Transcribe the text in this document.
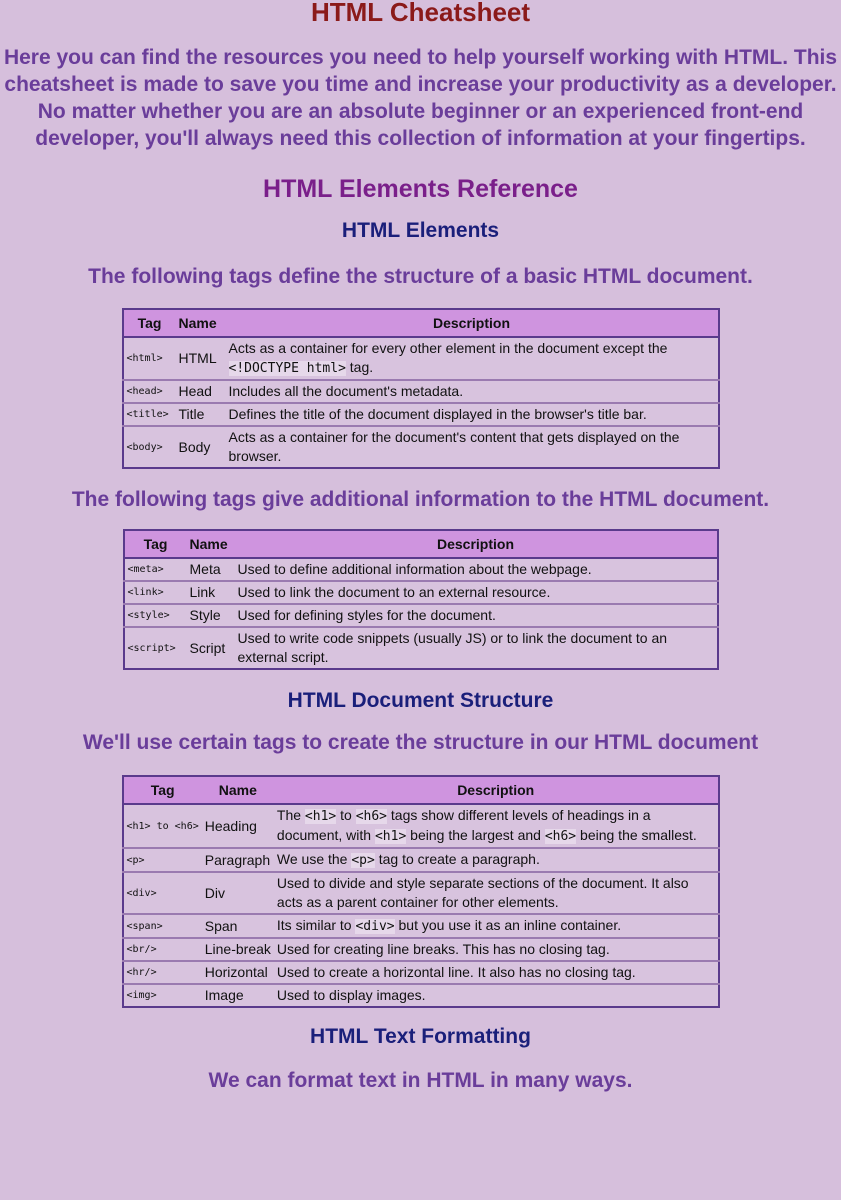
HTML Cheatsheet

Here you can find the resources you need to help yourself working with HTML. This cheatsheet is made to save you time and increase your productivity as a developer. No matter whether you are an absolute beginner or an experienced front-end developer, you'll always need this collection of information at your fingertips.

HTML Elements Reference
HTML Elements

The following tags define the structure of a basic HTML document.

Tag	Name	Description
<html>	HTML	Acts as a container for every other element in the document except the <!DOCTYPE html> tag.
<head>	Head	Includes all the document's metadata.
<title>	Title	Defines the title of the document displayed in the browser's title bar.
<body>	Body	Acts as a container for the document's content that gets displayed on the browser.

The following tags give additional information to the HTML document.

Tag	Name	Description
<meta>	Meta	Used to define additional information about the webpage.
<link>	Link	Used to link the document to an external resource.
<style>	Style	Used for defining styles for the document.
<script>	Script	Used to write code snippets (usually JS) or to link the document to an external script.
HTML Document Structure

We'll use certain tags to create the structure in our HTML document

Tag	Name	Description
<h1> to <h6>	Heading	The <h1> to <h6> tags show different levels of headings in a document, with <h1> being the largest and <h6> being the smallest.
<p>	Paragraph	We use the <p> tag to create a paragraph.
<div>	Div	Used to divide and style separate sections of the document. It also acts as a parent container for other elements.
<span>	Span	Its similar to <div> but you use it as an inline container.
<br/>	Line-break	Used for creating line breaks. This has no closing tag.
<hr/>	Horizontal	Used to create a horizontal line. It also has no closing tag.
<img>	Image	Used to display images.
HTML Text Formatting

We can format text in HTML in many ways.
